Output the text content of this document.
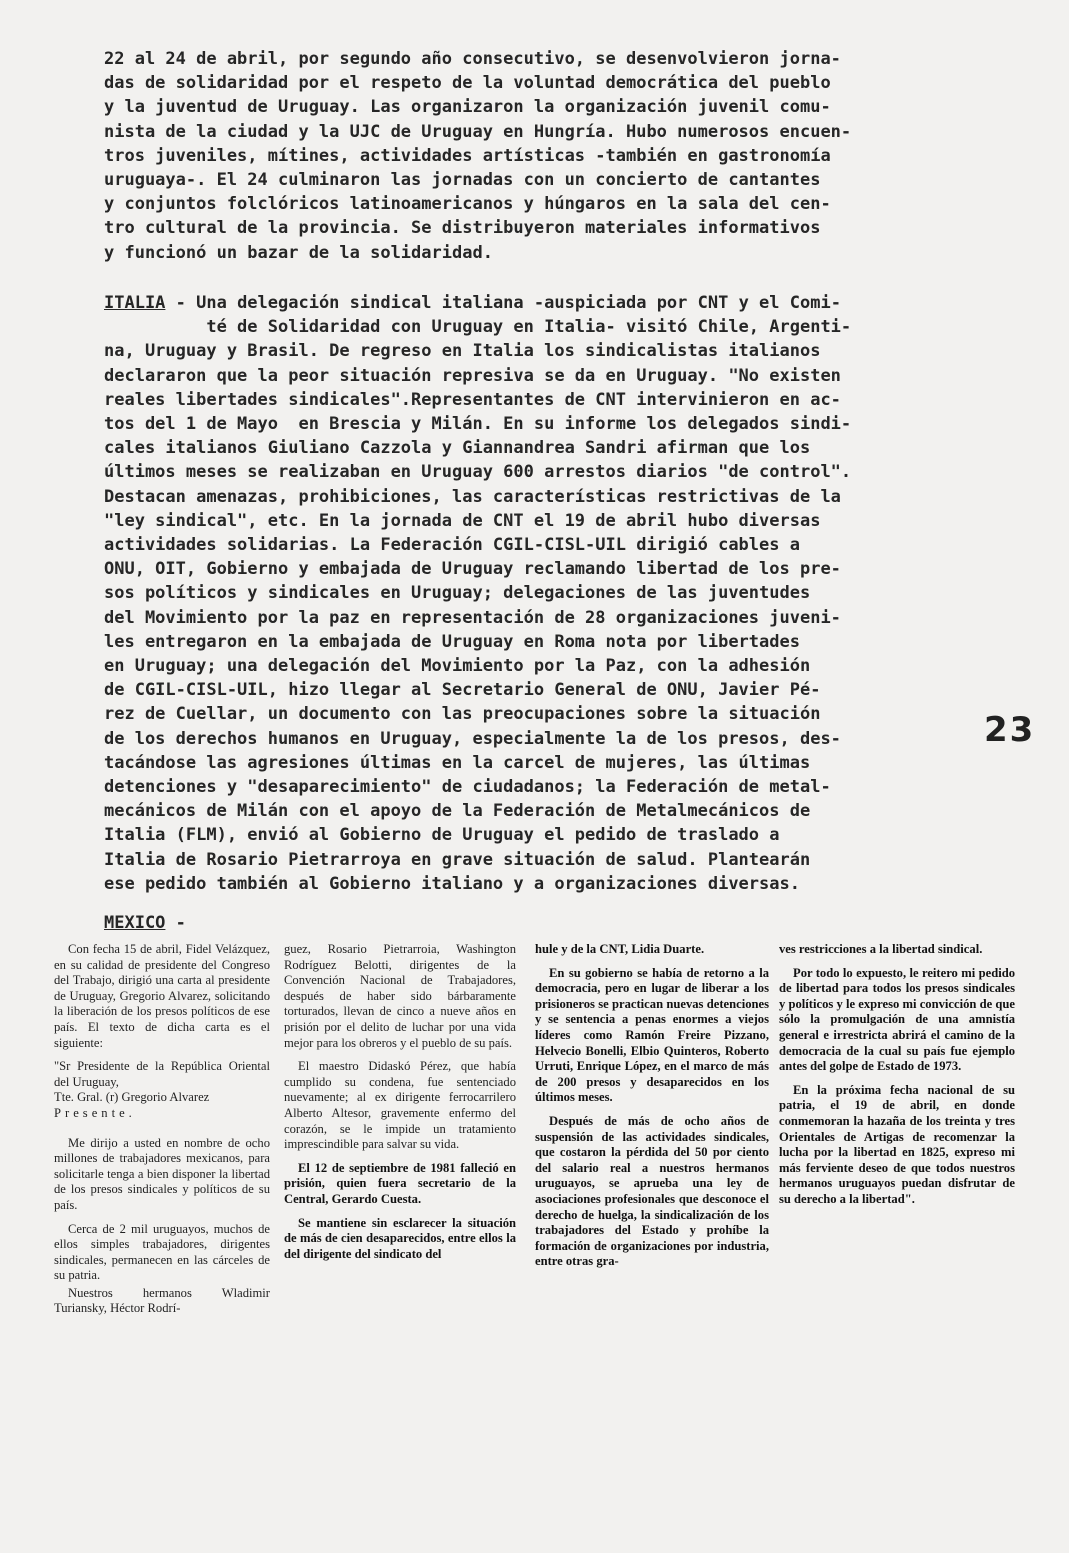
22 al 24 de abril, por segundo año consecutivo, se desenvolvieron jorna-
das de solidaridad por el respeto de la voluntad democrática del pueblo
y la juventud de Uruguay. Las organizaron la organización juvenil comu-
nista de la ciudad y la UJC de Uruguay en Hungría. Hubo numerosos encuen-
tros juveniles, mítines, actividades artísticas -también en gastronomía
uruguaya-. El 24 culminaron las jornadas con un concierto de cantantes
y conjuntos folclóricos latinoamericanos y húngaros en la sala del cen-
tro cultural de la provincia. Se distribuyeron materiales informativos
y funcionó un bazar de la solidaridad.
ITALIA - Una delegación sindical italiana -auspiciada por CNT y el Comi-
té de Solidaridad con Uruguay en Italia- visitó Chile, Argenti-
na, Uruguay y Brasil. De regreso en Italia los sindicalistas italianos
declararon que la peor situación represiva se da en Uruguay. "No existen
reales libertades sindicales".Representantes de CNT intervinieron en ac-
tos del 1 de Mayo  en Brescia y Milán. En su informe los delegados sindi-
cales italianos Giuliano Cazzola y Giannandrea Sandri afirman que los
últimos meses se realizaban en Uruguay 600 arrestos diarios "de control".
Destacan amenazas, prohibiciones, las características restrictivas de la
"ley sindical", etc. En la jornada de CNT el 19 de abril hubo diversas
actividades solidarias. La Federación CGIL-CISL-UIL dirigió cables a
ONU, OIT, Gobierno y embajada de Uruguay reclamando libertad de los pre-
sos políticos y sindicales en Uruguay; delegaciones de las juventudes
del Movimiento por la paz en representación de 28 organizaciones juveni-
les entregaron en la embajada de Uruguay en Roma nota por libertades
en Uruguay; una delegación del Movimiento por la Paz, con la adhesión
de CGIL-CISL-UIL, hizo llegar al Secretario General de ONU, Javier Pé-
rez de Cuellar, un documento con las preocupaciones sobre la situación
de los derechos humanos en Uruguay, especialmente la de los presos, des-
tacándose las agresiones últimas en la carcel de mujeres, las últimas
detenciones y "desaparecimiento" de ciudadanos; la Federación de metal-
mecánicos de Milán con el apoyo de la Federación de Metalmecánicos de
Italia (FLM), envió al Gobierno de Uruguay el pedido de traslado a
Italia de Rosario Pietrarroya en grave situación de salud. Plantearán
ese pedido también al Gobierno italiano y a organizaciones diversas.
23
MEXICO -

Con fecha 15 de abril, Fidel Velázquez, en su calidad de presidente del Congreso del Trabajo, dirigió una carta al presidente de Uruguay, Gregorio Alvarez, solicitando la liberación de los presos políticos de ese país. El texto de dicha carta es el siguiente:

"Sr Presidente de la República Oriental del Uruguay,

Tte. Gral. (r) Gregorio Alvarez

Presente.

Me dirijo a usted en nombre de ocho millones de trabajadores mexicanos, para solicitarle tenga a bien disponer la libertad de los presos sindicales y políticos de su país.

Cerca de 2 mil uruguayos, muchos de ellos simples trabajadores, dirigentes sindicales, permanecen en las cárceles de su patria.

Nuestros hermanos Wladimir Turiansky, Héctor Rodrí-

guez, Rosario Pietrarroia, Washington Rodríguez Belotti, dirigentes de la Convención Nacional de Trabajadores, después de haber sido bárbaramente torturados, llevan de cinco a nueve años en prisión por el delito de luchar por una vida mejor para los obreros y el pueblo de su país.

El maestro Didaskó Pérez, que había cumplido su condena, fue sentenciado nuevamente; al ex dirigente ferrocarrilero Alberto Altesor, gravemente enfermo del corazón, se le impide un tratamiento imprescindible para salvar su vida.

El 12 de septiembre de 1981 falleció en prisión, quien fuera secretario de la Central, Gerardo Cuesta.

Se mantiene sin esclarecer la situación de más de cien desaparecidos, entre ellos la del dirigente del sindicato del

hule y de la CNT, Lidia Duarte.

En su gobierno se había de retorno a la democracia, pero en lugar de liberar a los prisioneros se practican nuevas detenciones y se sentencia a penas enormes a viejos líderes como Ramón Freire Pizzano, Helvecio Bonelli, Elbio Quinteros, Roberto Urruti, Enrique López, en el marco de más de 200 presos y desaparecidos en los últimos meses.

Después de más de ocho años de suspensión de las actividades sindicales, que costaron la pérdida del 50 por ciento del salario real a nuestros hermanos uruguayos, se aprueba una ley de asociaciones profesionales que desconoce el derecho de huelga, la sindicalización de los trabajadores del Estado y prohíbe la formación de organizaciones por industria, entre otras gra-

ves restricciones a la libertad sindical.

Por todo lo expuesto, le reitero mi pedido de libertad para todos los presos sindicales y políticos y le expreso mi convicción de que sólo la promulgación de una amnistía general e irrestricta abrirá el camino de la democracia de la cual su país fue ejemplo antes del golpe de Estado de 1973.

En la próxima fecha nacional de su patria, el 19 de abril, en donde conmemoran la hazaña de los treinta y tres Orientales de Artigas de recomenzar la lucha por la libertad en 1825, expreso mi más ferviente deseo de que todos nuestros hermanos uruguayos puedan disfrutar de su derecho a la libertad".
